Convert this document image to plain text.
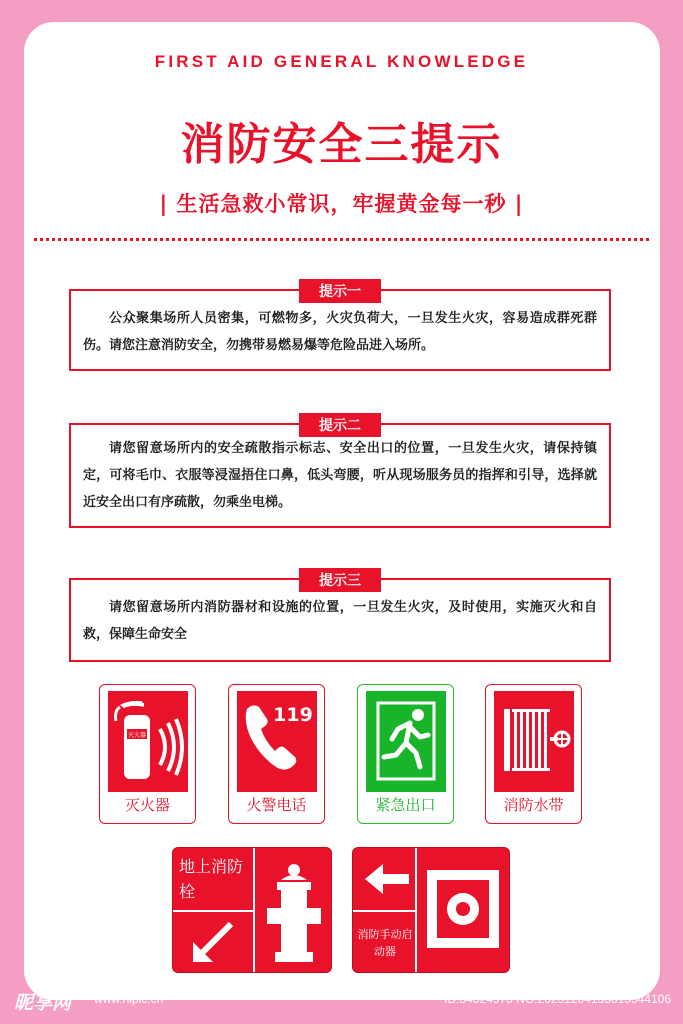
FIRST AID GENERAL KNOWLEDGE
消防安全三提示
| 生活急救小常识，牢握黄金每一秒 |
提示一
公众聚集场所人员密集，可燃物多，火灾负荷大，一旦发生火灾，容易造成群死群伤。请您注意消防安全，勿携带易燃易爆等危险品进入场所。
提示二
请您留意场所内的安全疏散指示标志、安全出口的位置，一旦发生火灾，请保持镇定，可将毛巾、衣服等浸湿捂住口鼻，低头弯腰，听从现场服务员的指挥和引导，选择就近安全出口有序疏散，勿乘坐电梯。
提示三
请您留意场所内消防器材和设施的位置，一旦发生火灾，及时使用，实施灭火和自救，保障生命安全
灭火器
灭火器
119
火警电话	紧急出口	消防水带
地上消防栓
消防手动启动器
昵享网 www.nipic.cn	ID:34524973 NO:20231204133815544106
